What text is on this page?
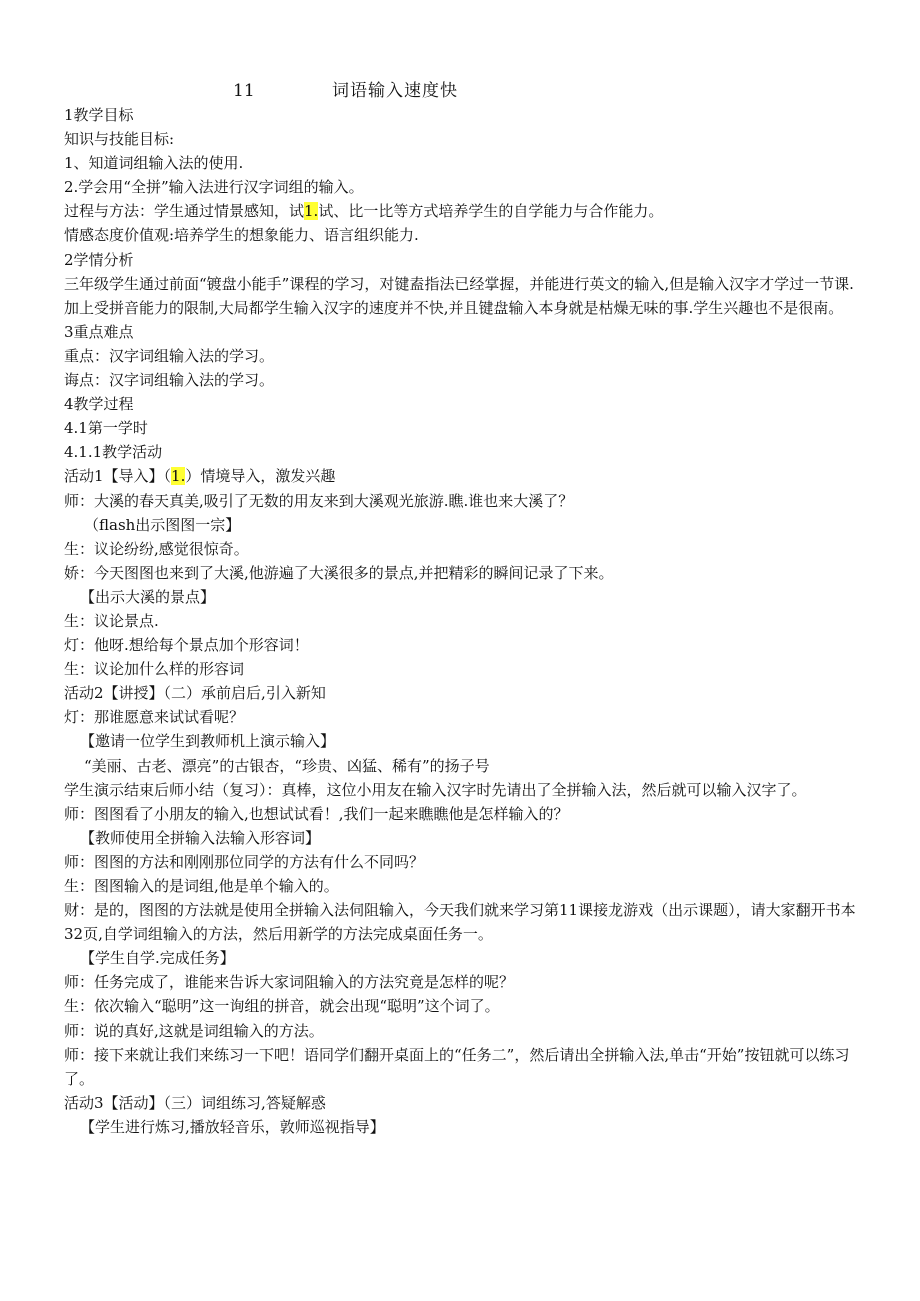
11	词语输入速度快
1教学目标
知识与技能目标:
1、知道词组输入法的使用.
2.学会用“全拼”输入法进行汉字词组的输入。
过程与方法：学生通过情景感知，试1.试、比一比等方式培养学生的自学能力与合作能力。
情感态度价值观:培养学生的想象能力、语言组织能力.
2学情分析
三年级学生通过前面“镀盘小能手”课程的学习，对键盍指法已经掌握，并能进行英文的输入,但是输入汉字才学过一节课.加上受拼音能力的限制,大局都学生输入汉字的速度并不快,并且键盘输入本身就是枯燥无味的事.学生兴趣也不是很南。
3重点难点
重点：汉字词组输入法的学习。
诲点：汉字词组输入法的学习。
4教学过程
4.1第一学时
4.1.1教学活动
活动1【导入】（1.）情境导入，激发兴趣
师：大溪的春天真美,吸引了无数的用友来到大溪观光旅游.瞧.谁也来大溪了？
（flash出示图图一宗】
生：议论纷纷,感觉很惊奇。
娇：今天图图也来到了大溪,他游遍了大溪很多的景点,并把精彩的瞬间记录了下来。
【出示大溪的景点】
生：议论景点.
灯：他呀.想给每个景点加个形容词！
生：议论加什么样的形容词
活动2【讲授】（二）承前启后,引入新知
灯：那谁愿意来试试看呢？
【邀请一位学生到教师机上演示输入】
“美丽、古老、漂亮”的古银杏，“珍贵、凶猛、稀有”的扬子号
学生演示结束后师小结（复习）：真棒，这位小用友在输入汉字时先请出了全拼输入法，然后就可以输入汉字了。
师：图图看了小朋友的输入,也想试试看！,我们一起来瞧瞧他是怎样输入的？
【教师使用全拼输入法输入形容词】
师：图图的方法和刚刚那位同学的方法有什么不同吗？
生：图图输入的是词组,他是单个输入的。
财：是的，图图的方法就是使用全拼输入法伺阻输入，今天我们就来学习第11课接龙游戏（出示课题），请大家翻开书本32页,自学词组输入的方法，然后用新学的方法完成桌面任务一。
【学生自学.完成任务】
师：任务完成了，谁能来告诉大家词阻输入的方法究竟是怎样的呢？
生：依次输入“聪明”这一询组的拼音，就会出现“聪明”这个词了。
师：说的真好,这就是词组输入的方法。
师：接下来就让我们来练习一下吧！语同学们翻开桌面上的“任务二”，然后请出全拼输入法,单击“开始”按钮就可以练习了。
活动3【活动】（三）词组练习,答疑解惑
【学生进行炼习,播放轻音乐，敦师巡视指导】
